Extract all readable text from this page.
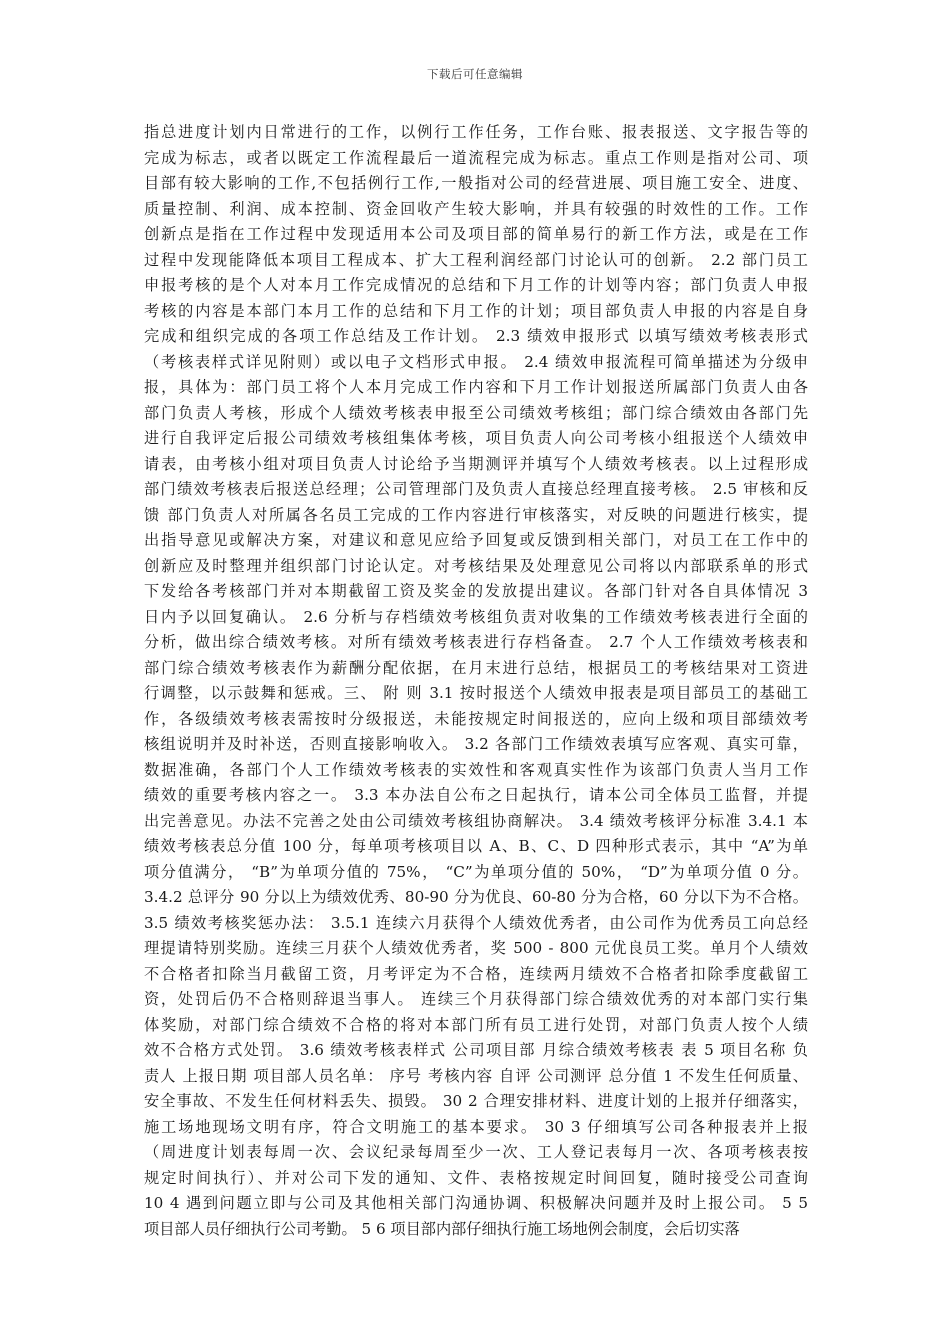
下载后可任意编辑
指总进度计划内日常进行的工作，以例行工作任务，工作台账、报表报送、文字报告等的
完成为标志，或者以既定工作流程最后一道流程完成为标志。重点工作则是指对公司、项
目部有较大影响的工作,不包括例行工作,一般指对公司的经营进展、项目施工安全、进度、
质量控制、利润、成本控制、资金回收产生较大影响，并具有较强的时效性的工作。工作
创新点是指在工作过程中发现适用本公司及项目部的简单易行的新工作方法，或是在工作
过程中发现能降低本项目工程成本、扩大工程利润经部门讨论认可的创新。 2.2 部门员工
申报考核的是个人对本月工作完成情况的总结和下月工作的计划等内容；部门负责人申报
考核的内容是本部门本月工作的总结和下月工作的计划；项目部负责人申报的内容是自身
完成和组织完成的各项工作总结及工作计划。 2.3 绩效申报形式 以填写绩效考核表形式
（考核表样式详见附则）或以电子文档形式申报。 2.4 绩效申报流程可简单描述为分级申
报，具体为：部门员工将个人本月完成工作内容和下月工作计划报送所属部门负责人由各
部门负责人考核，形成个人绩效考核表申报至公司绩效考核组；部门综合绩效由各部门先
进行自我评定后报公司绩效考核组集体考核，项目负责人向公司考核小组报送个人绩效申
请表，由考核小组对项目负责人讨论给予当期测评并填写个人绩效考核表。以上过程形成
部门绩效考核表后报送总经理；公司管理部门及负责人直接总经理直接考核。 2.5 审核和反
馈 部门负责人对所属各名员工完成的工作内容进行审核落实，对反映的问题进行核实，提
出指导意见或解决方案，对建议和意见应给予回复或反馈到相关部门，对员工在工作中的
创新应及时整理并组织部门讨论认定。对考核结果及处理意见公司将以内部联系单的形式
下发给各考核部门并对本期截留工资及奖金的发放提出建议。各部门针对各自具体情况 3
日内予以回复确认。 2.6 分析与存档绩效考核组负责对收集的工作绩效考核表进行全面的
分析，做出综合绩效考核。对所有绩效考核表进行存档备查。 2.7 个人工作绩效考核表和
部门综合绩效考核表作为薪酬分配依据，在月末进行总结，根据员工的考核结果对工资进
行调整，以示鼓舞和惩戒。三、 附 则 3.1 按时报送个人绩效申报表是项目部员工的基础工
作，各级绩效考核表需按时分级报送，未能按规定时间报送的，应向上级和项目部绩效考
核组说明并及时补送，否则直接影响收入。 3.2 各部门工作绩效表填写应客观、真实可靠，
数据准确，各部门个人工作绩效考核表的实效性和客观真实性作为该部门负责人当月工作
绩效的重要考核内容之一。 3.3 本办法自公布之日起执行，请本公司全体员工监督，并提
出完善意见。办法不完善之处由公司绩效考核组协商解决。 3.4 绩效考核评分标准 3.4.1 本
绩效考核表总分值 100 分，每单项考核项目以 A、B、C、D 四种形式表示，其中 “A”为单
项分值满分， “B”为单项分值的 75%， “C”为单项分值的 50%， “D”为单项分值 0 分。
3.4.2 总评分 90 分以上为绩效优秀、80-90 分为优良、60-80 分为合格，60 分以下为不合格。
3.5 绩效考核奖惩办法： 3.5.1 连续六月获得个人绩效优秀者，由公司作为优秀员工向总经
理提请特别奖励。连续三月获个人绩效优秀者，奖 500 - 800 元优良员工奖。单月个人绩效
不合格者扣除当月截留工资，月考评定为不合格，连续两月绩效不合格者扣除季度截留工
资，处罚后仍不合格则辞退当事人。 连续三个月获得部门综合绩效优秀的对本部门实行集
体奖励，对部门综合绩效不合格的将对本部门所有员工进行处罚，对部门负责人按个人绩
效不合格方式处罚。 3.6 绩效考核表样式 公司项目部 月综合绩效考核表 表 5 项目名称 负
责人 上报日期 项目部人员名单： 序号 考核内容 自评 公司测评 总分值 1 不发生任何质量、
安全事故、不发生任何材料丢失、损毁。 30 2 合理安排材料、进度计划的上报并仔细落实，
施工场地现场文明有序，符合文明施工的基本要求。 30 3 仔细填写公司各种报表并上报
（周进度计划表每周一次、会议纪录每周至少一次、工人登记表每月一次、各项考核表按
规定时间执行）、并对公司下发的通知、文件、表格按规定时间回复，随时接受公司查询
10 4 遇到问题立即与公司及其他相关部门沟通协调、积极解决问题并及时上报公司。 5 5
项目部人员仔细执行公司考勤。 5 6 项目部内部仔细执行施工场地例会制度，会后切实落
